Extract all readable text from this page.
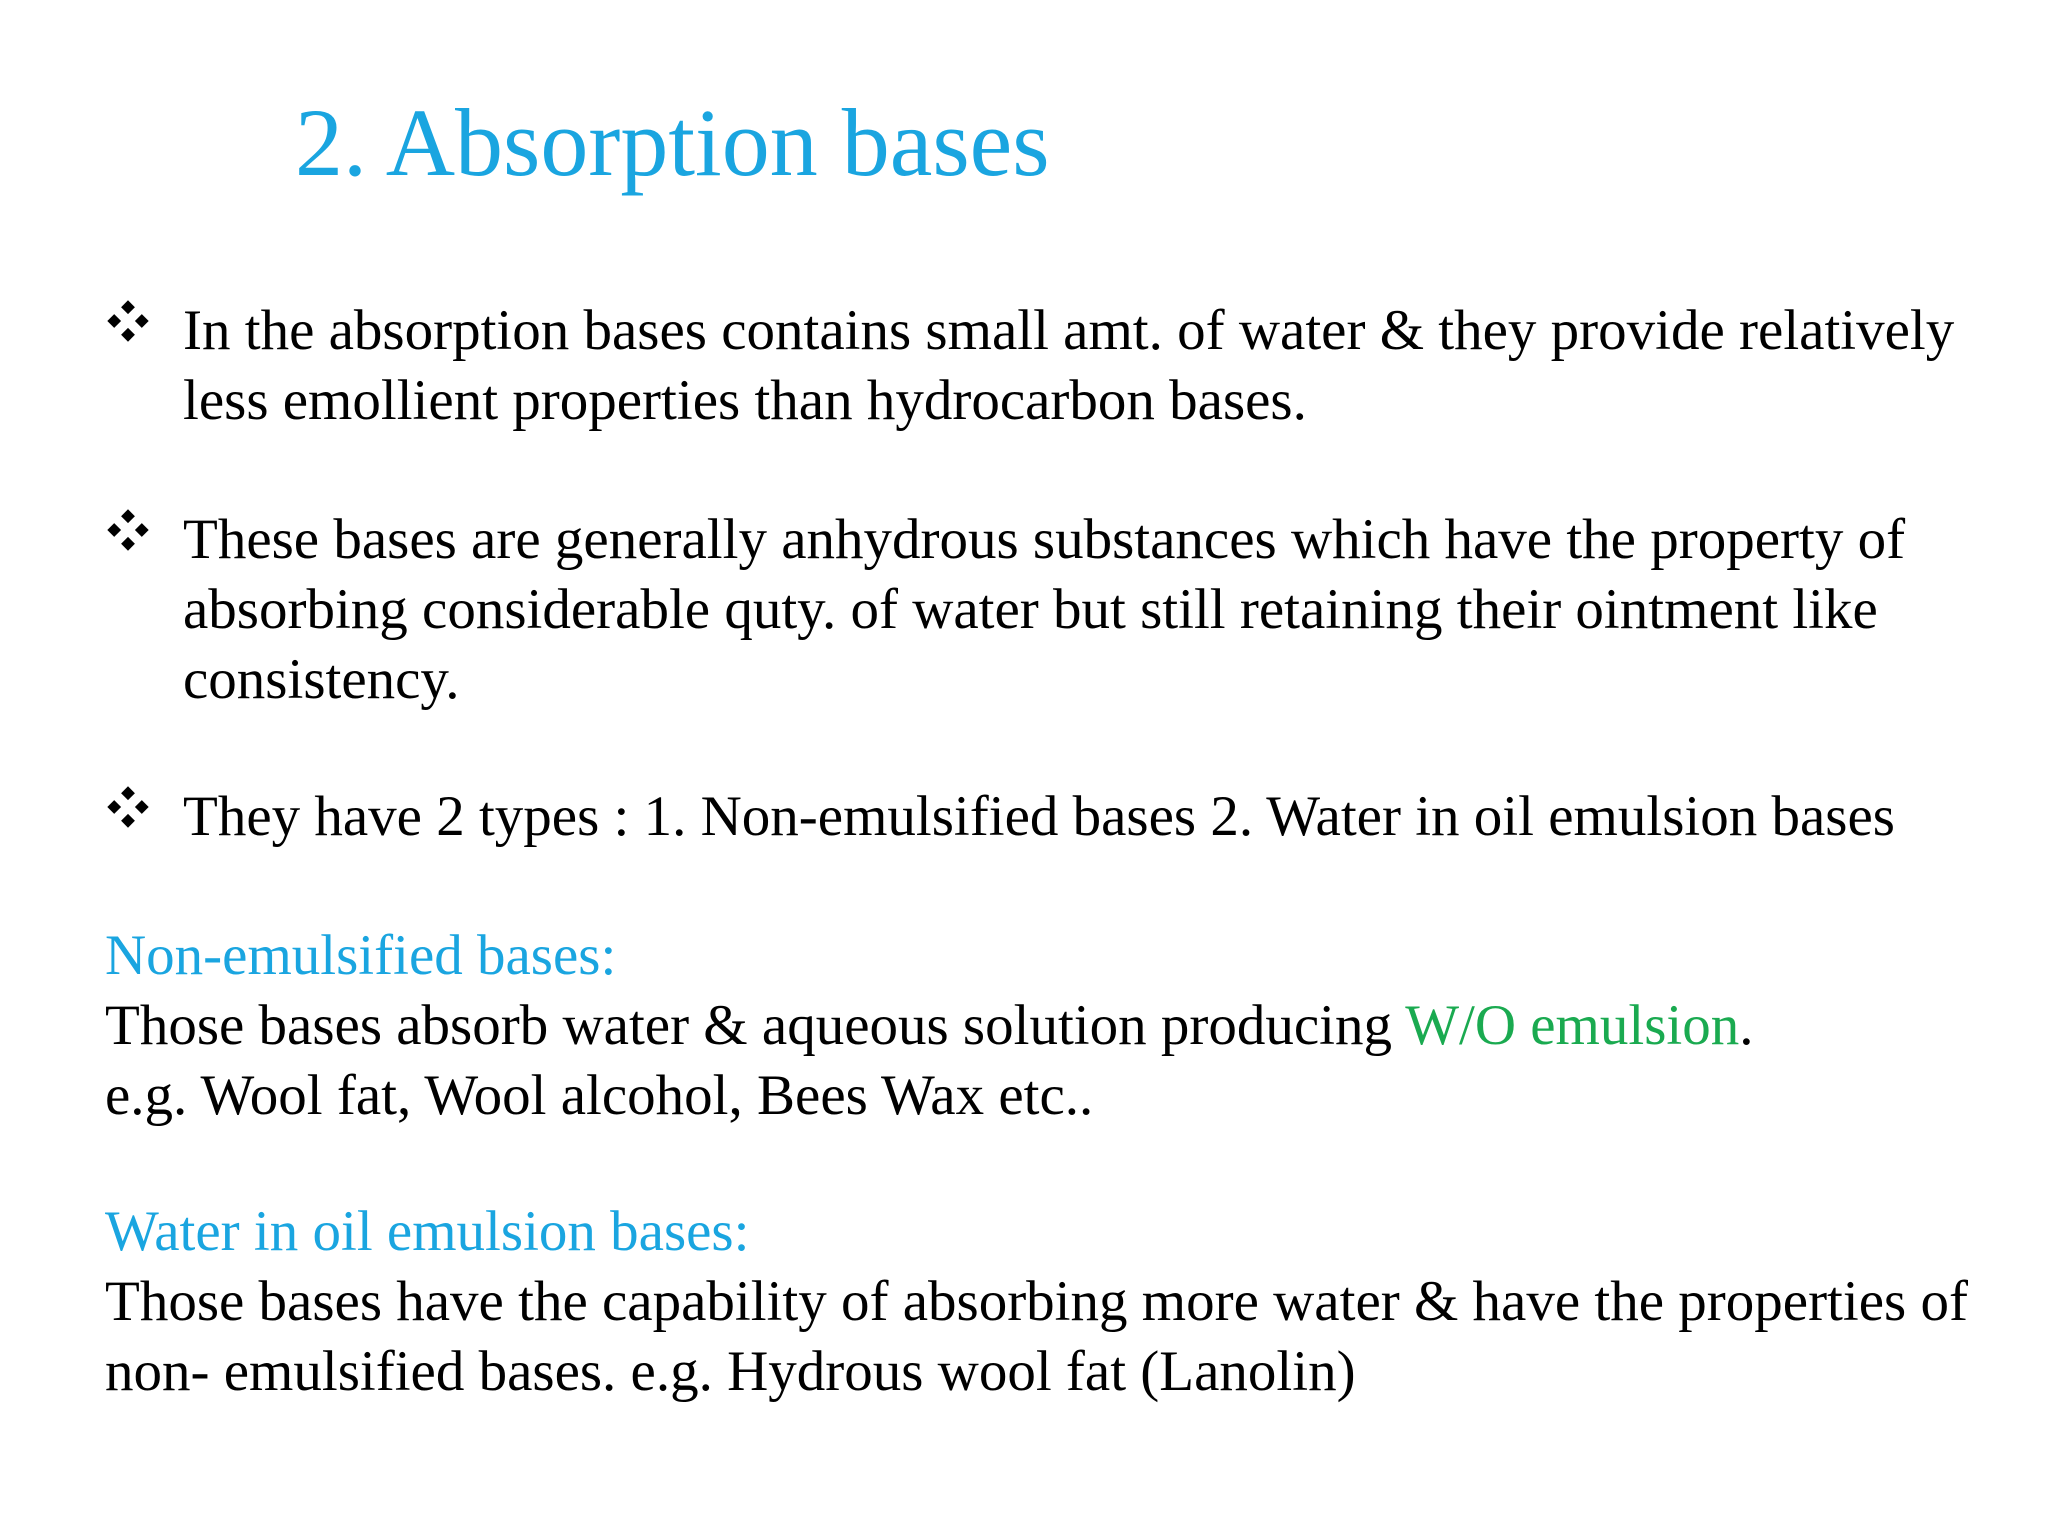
2. Absorption bases
In the absorption bases contains small amt. of water & they provide relatively less emollient properties than hydrocarbon bases.
These bases are generally anhydrous substances which have the property of absorbing considerable quty. of water but still retaining their ointment like consistency.
They have 2 types : 1. Non-emulsified bases 2. Water in oil emulsion bases
Non-emulsified bases:
Those bases absorb water & aqueous solution producing W/O emulsion.
e.g. Wool fat, Wool alcohol, Bees Wax etc..
Water in oil emulsion bases:
Those bases have the capability of absorbing more water & have the properties of non- emulsified bases. e.g. Hydrous wool fat (Lanolin)
